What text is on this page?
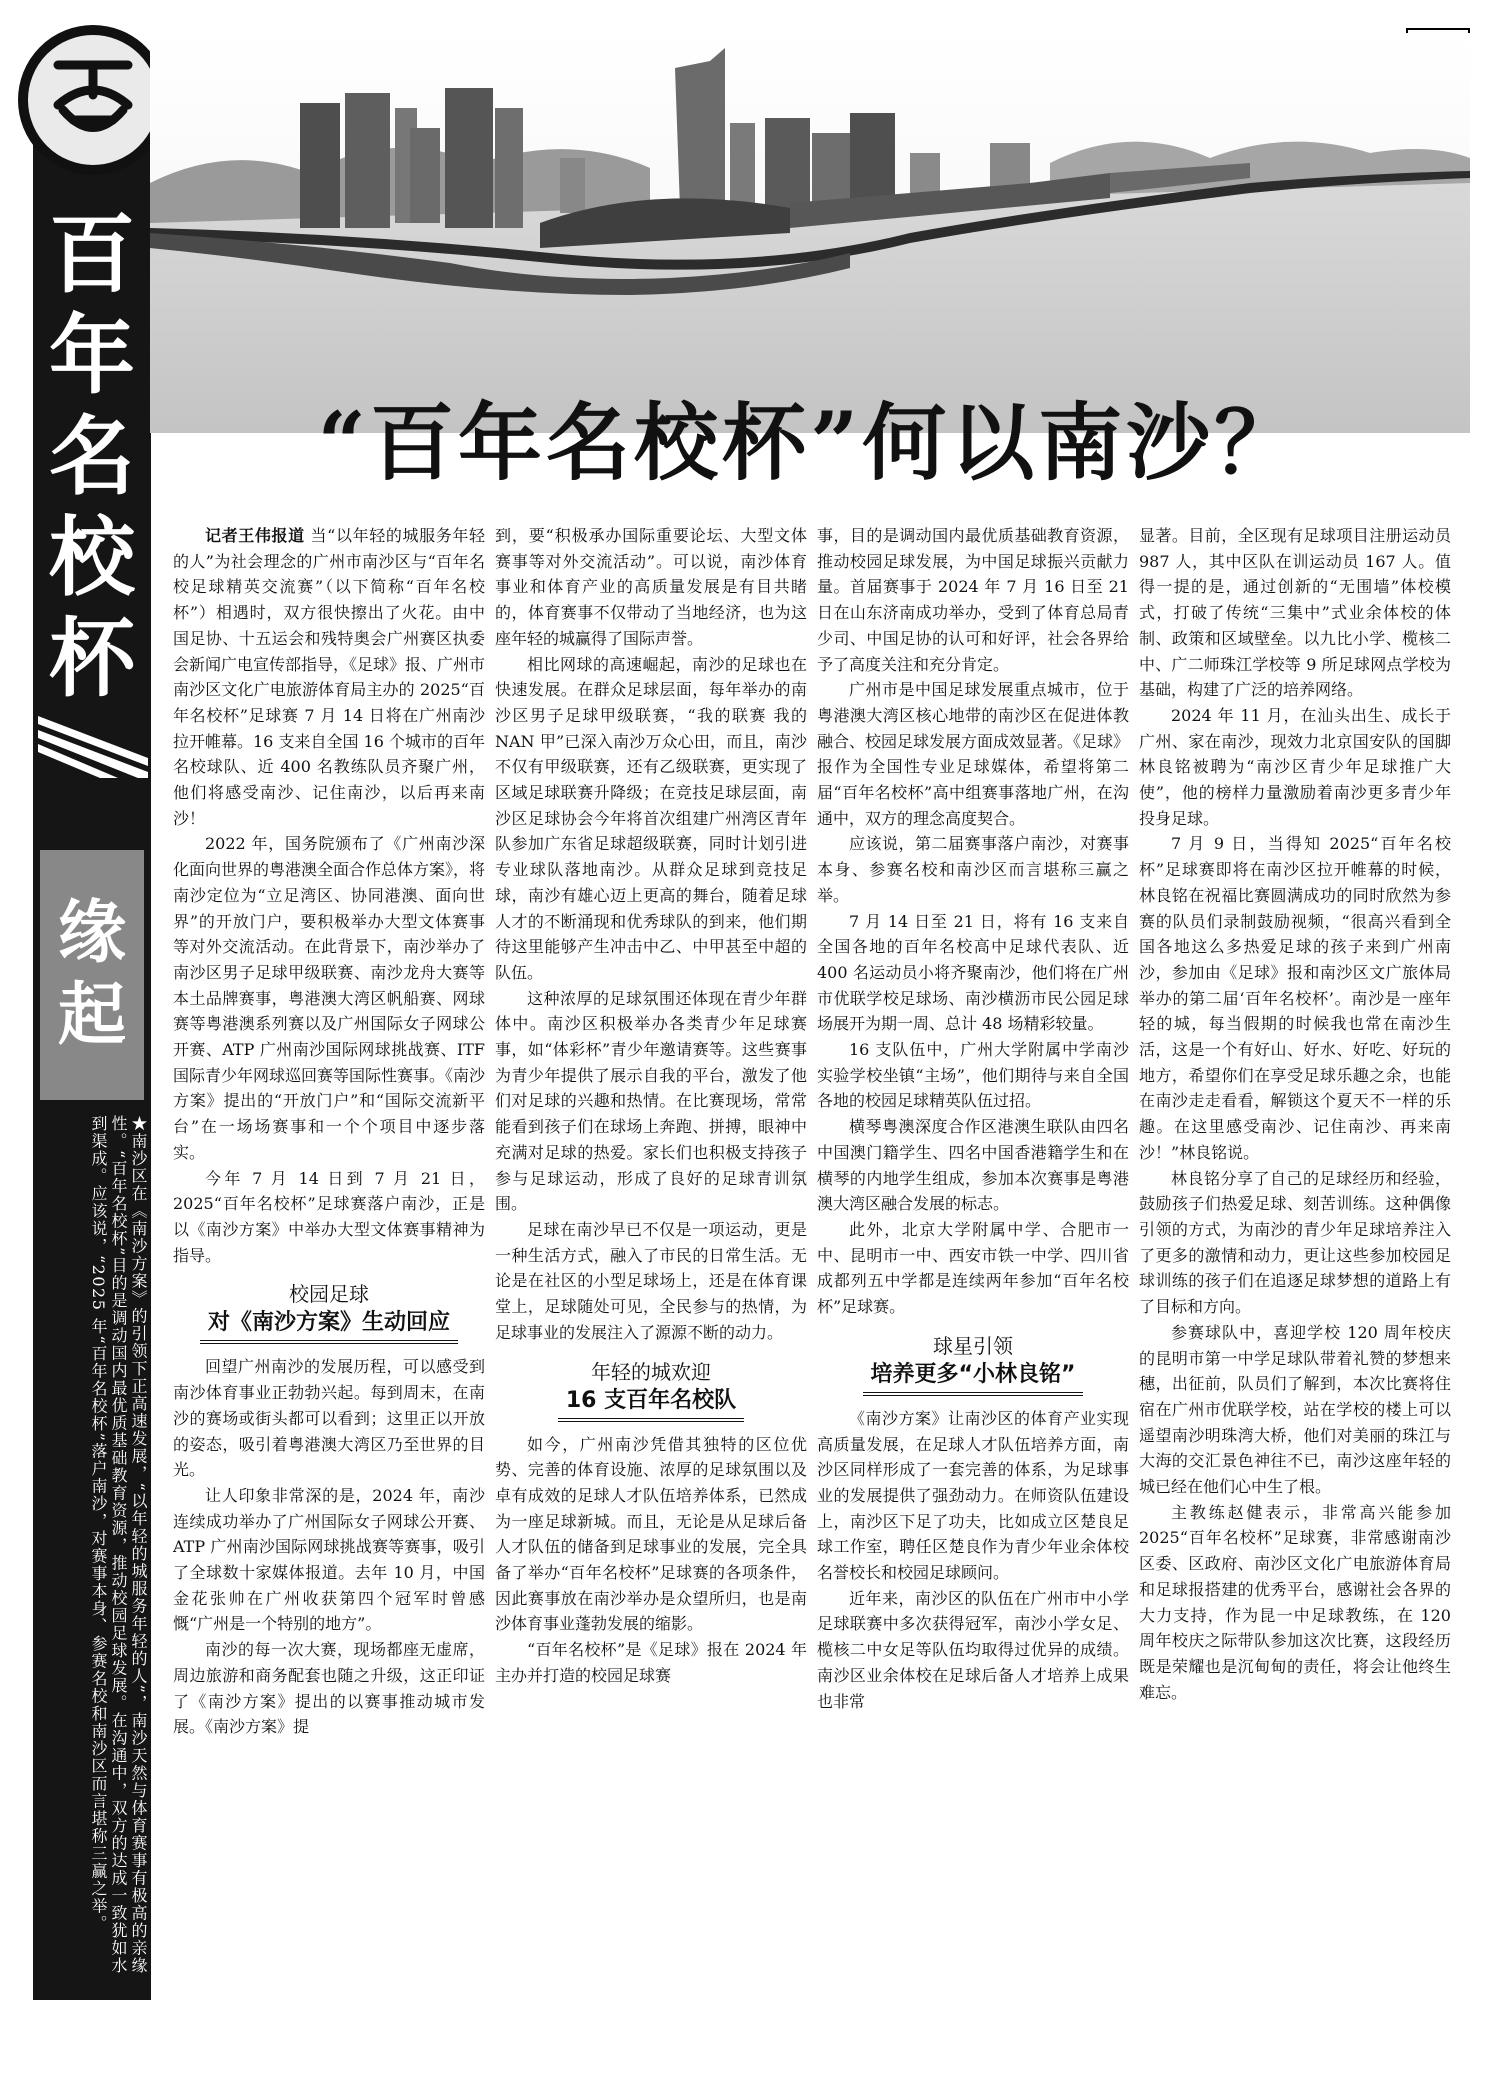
百
年
名
校
杯
缘
起
★南沙区在《南沙方案》的引领下正高速发展，“以年轻的城服务年轻的人”，南沙天然与体育赛事有极高的亲缘性。“百年名校杯”目的是调动国内最优质基础教育资源，推动校园足球发展。在沟通中，双方的达成一致犹如水到渠成。应该说，“2025 年“百年名校杯”落户南沙，对赛事本身、参赛名校和南沙区而言堪称三赢之举。
“百年名校杯”何以南沙？

记者王伟报道 当“以年轻的城服务年轻的人”为社会理念的广州市南沙区与“百年名校足球精英交流赛”（以下简称“百年名校杯”）相遇时，双方很快擦出了火花。由中国足协、十五运会和残特奥会广州赛区执委会新闻广电宣传部指导，《足球》报、广州市南沙区文化广电旅游体育局主办的 2025“百年名校杯”足球赛 7 月 14 日将在广州南沙拉开帷幕。16 支来自全国 16 个城市的百年名校球队、近 400 名教练队员齐聚广州，他们将感受南沙、记住南沙，以后再来南沙！

2022 年，国务院颁布了《广州南沙深化面向世界的粤港澳全面合作总体方案》，将南沙定位为“立足湾区、协同港澳、面向世界”的开放门户，要积极举办大型文体赛事等对外交流活动。在此背景下，南沙举办了南沙区男子足球甲级联赛、南沙龙舟大赛等本土品牌赛事，粤港澳大湾区帆船赛、网球赛等粤港澳系列赛以及广州国际女子网球公开赛、ATP 广州南沙国际网球挑战赛、ITF 国际青少年网球巡回赛等国际性赛事。《南沙方案》提出的“开放门户”和“国际交流新平台”在一场场赛事和一个个项目中逐步落实。

今年 7 月 14 日到 7 月 21 日，2025“百年名校杯”足球赛落户南沙，正是以《南沙方案》中举办大型文体赛事精神为指导。

校园足球
对《南沙方案》生动回应

回望广州南沙的发展历程，可以感受到南沙体育事业正勃勃兴起。每到周末，在南沙的赛场或街头都可以看到；这里正以开放的姿态，吸引着粤港澳大湾区乃至世界的目光。

让人印象非常深的是，2024 年，南沙连续成功举办了广州国际女子网球公开赛、ATP 广州南沙国际网球挑战赛等赛事，吸引了全球数十家媒体报道。去年 10 月，中国金花张帅在广州收获第四个冠军时曾感慨“广州是一个特别的地方”。

南沙的每一次大赛，现场都座无虚席，周边旅游和商务配套也随之升级，这正印证了《南沙方案》提出的以赛事推动城市发展。《南沙方案》提

到，要“积极承办国际重要论坛、大型文体赛事等对外交流活动”。可以说，南沙体育事业和体育产业的高质量发展是有目共睹的，体育赛事不仅带动了当地经济，也为这座年轻的城赢得了国际声誉。

相比网球的高速崛起，南沙的足球也在快速发展。在群众足球层面，每年举办的南沙区男子足球甲级联赛，“我的联赛 我的 NAN 甲”已深入南沙万众心田，而且，南沙不仅有甲级联赛，还有乙级联赛，更实现了区域足球联赛升降级；在竞技足球层面，南沙区足球协会今年将首次组建广州湾区青年队参加广东省足球超级联赛，同时计划引进专业球队落地南沙。从群众足球到竞技足球，南沙有雄心迈上更高的舞台，随着足球人才的不断涌现和优秀球队的到来，他们期待这里能够产生冲击中乙、中甲甚至中超的队伍。

这种浓厚的足球氛围还体现在青少年群体中。南沙区积极举办各类青少年足球赛事，如“体彩杯”青少年邀请赛等。这些赛事为青少年提供了展示自我的平台，激发了他们对足球的兴趣和热情。在比赛现场，常常能看到孩子们在球场上奔跑、拼搏，眼神中充满对足球的热爱。家长们也积极支持孩子参与足球运动，形成了良好的足球青训氛围。

足球在南沙早已不仅是一项运动，更是一种生活方式，融入了市民的日常生活。无论是在社区的小型足球场上，还是在体育课堂上，足球随处可见，全民参与的热情，为足球事业的发展注入了源源不断的动力。

年轻的城欢迎
16 支百年名校队

如今，广州南沙凭借其独特的区位优势、完善的体育设施、浓厚的足球氛围以及卓有成效的足球人才队伍培养体系，已然成为一座足球新城。而且，无论是从足球后备人才队伍的储备到足球事业的发展，完全具备了举办“百年名校杯”足球赛的各项条件，因此赛事放在南沙举办是众望所归，也是南沙体育事业蓬勃发展的缩影。

“百年名校杯”是《足球》报在 2024 年主办并打造的校园足球赛

事，目的是调动国内最优质基础教育资源，推动校园足球发展，为中国足球振兴贡献力量。首届赛事于 2024 年 7 月 16 日至 21 日在山东济南成功举办，受到了体育总局青少司、中国足协的认可和好评，社会各界给予了高度关注和充分肯定。

广州市是中国足球发展重点城市，位于粤港澳大湾区核心地带的南沙区在促进体教融合、校园足球发展方面成效显著。《足球》报作为全国性专业足球媒体，希望将第二届“百年名校杯”高中组赛事落地广州，在沟通中，双方的理念高度契合。

应该说，第二届赛事落户南沙，对赛事本身、参赛名校和南沙区而言堪称三赢之举。

7 月 14 日至 21 日，将有 16 支来自全国各地的百年名校高中足球代表队、近 400 名运动员小将齐聚南沙，他们将在广州市优联学校足球场、南沙横沥市民公园足球场展开为期一周、总计 48 场精彩较量。

16 支队伍中，广州大学附属中学南沙实验学校坐镇“主场”，他们期待与来自全国各地的校园足球精英队伍过招。

横琴粤澳深度合作区港澳生联队由四名中国澳门籍学生、四名中国香港籍学生和在横琴的内地学生组成，参加本次赛事是粤港澳大湾区融合发展的标志。

此外，北京大学附属中学、合肥市一中、昆明市一中、西安市铁一中学、四川省成都列五中学都是连续两年参加“百年名校杯”足球赛。

球星引领
培养更多“小林良铭”

《南沙方案》让南沙区的体育产业实现高质量发展，在足球人才队伍培养方面，南沙区同样形成了一套完善的体系，为足球事业的发展提供了强劲动力。在师资队伍建设上，南沙区下足了功夫，比如成立区楚良足球工作室，聘任区楚良作为青少年业余体校名誉校长和校园足球顾问。

近年来，南沙区的队伍在广州市中小学足球联赛中多次获得冠军，南沙小学女足、榄核二中女足等队伍均取得过优异的成绩。南沙区业余体校在足球后备人才培养上成果也非常

显著。目前，全区现有足球项目注册运动员 987 人，其中区队在训运动员 167 人。值得一提的是，通过创新的“无围墙”体校模式，打破了传统“三集中”式业余体校的体制、政策和区域壁垒。以九比小学、榄核二中、广二师珠江学校等 9 所足球网点学校为基础，构建了广泛的培养网络。

2024 年 11 月，在汕头出生、成长于广州、家在南沙，现效力北京国安队的国脚林良铭被聘为“南沙区青少年足球推广大使”，他的榜样力量激励着南沙更多青少年投身足球。

7 月 9 日，当得知 2025“百年名校杯”足球赛即将在南沙区拉开帷幕的时候，林良铭在祝福比赛圆满成功的同时欣然为参赛的队员们录制鼓励视频，“很高兴看到全国各地这么多热爱足球的孩子来到广州南沙，参加由《足球》报和南沙区文广旅体局举办的第二届‘百年名校杯’。南沙是一座年轻的城，每当假期的时候我也常在南沙生活，这是一个有好山、好水、好吃、好玩的地方，希望你们在享受足球乐趣之余，也能在南沙走走看看，解锁这个夏天不一样的乐趣。在这里感受南沙、记住南沙、再来南沙！”林良铭说。

林良铭分享了自己的足球经历和经验，鼓励孩子们热爱足球、刻苦训练。这种偶像引领的方式，为南沙的青少年足球培养注入了更多的激情和动力，更让这些参加校园足球训练的孩子们在追逐足球梦想的道路上有了目标和方向。

参赛球队中，喜迎学校 120 周年校庆的昆明市第一中学足球队带着礼赞的梦想来穗，出征前，队员们了解到，本次比赛将住宿在广州市优联学校，站在学校的楼上可以遥望南沙明珠湾大桥，他们对美丽的珠江与大海的交汇景色神往不已，南沙这座年轻的城已经在他们心中生了根。

主教练赵健表示，非常高兴能参加 2025“百年名校杯”足球赛，非常感谢南沙区委、区政府、南沙区文化广电旅游体育局和足球报搭建的优秀平台，感谢社会各界的大力支持，作为昆一中足球教练，在 120 周年校庆之际带队参加这次比赛，这段经历既是荣耀也是沉甸甸的责任，将会让他终生难忘。
